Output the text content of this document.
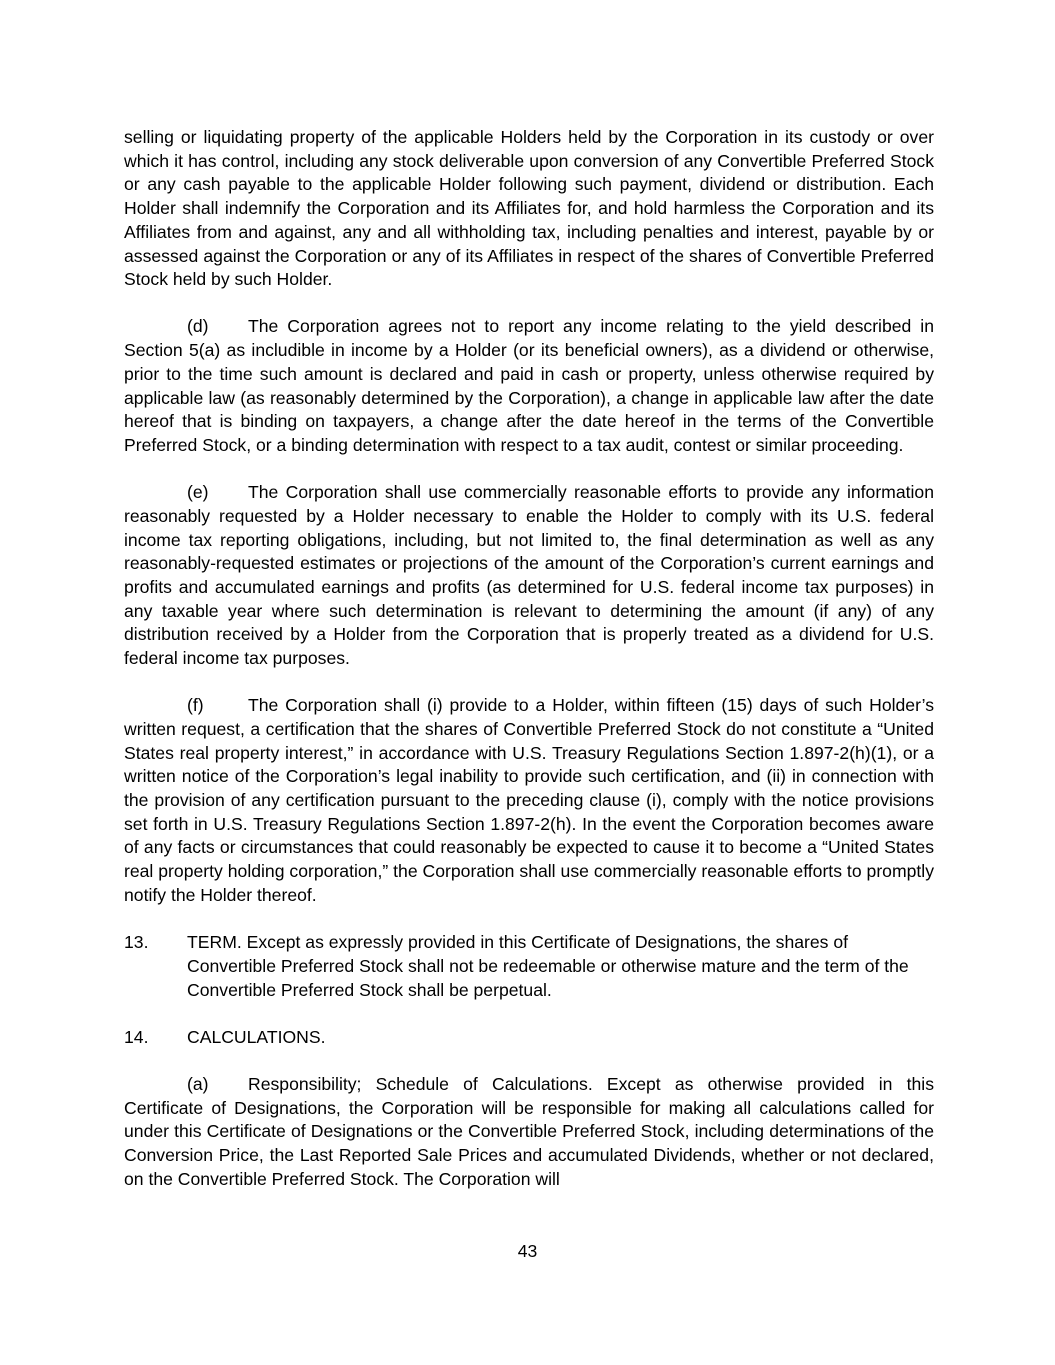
selling or liquidating property of the applicable Holders held by the Corporation in its custody or over which it has control, including any stock deliverable upon conversion of any Convertible Preferred Stock or any cash payable to the applicable Holder following such payment, dividend or distribution. Each Holder shall indemnify the Corporation and its Affiliates for, and hold harmless the Corporation and its Affiliates from and against, any and all withholding tax, including penalties and interest, payable by or assessed against the Corporation or any of its Affiliates in respect of the shares of Convertible Preferred Stock held by such Holder.

(d) The Corporation agrees not to report any income relating to the yield described in Section 5(a) as includible in income by a Holder (or its beneficial owners), as a dividend or otherwise, prior to the time such amount is declared and paid in cash or property, unless otherwise required by applicable law (as reasonably determined by the Corporation), a change in applicable law after the date hereof that is binding on taxpayers, a change after the date hereof in the terms of the Convertible Preferred Stock, or a binding determination with respect to a tax audit, contest or similar proceeding.

(e) The Corporation shall use commercially reasonable efforts to provide any information reasonably requested by a Holder necessary to enable the Holder to comply with its U.S. federal income tax reporting obligations, including, but not limited to, the final determination as well as any reasonably-requested estimates or projections of the amount of the Corporation’s current earnings and profits and accumulated earnings and profits (as determined for U.S. federal income tax purposes) in any taxable year where such determination is relevant to determining the amount (if any) of any distribution received by a Holder from the Corporation that is properly treated as a dividend for U.S. federal income tax purposes.

(f)	The Corporation shall (i) provide to a Holder, within fifteen (15) days of such Holder’s written request, a certification that the shares of Convertible Preferred Stock do not constitute a “United States real property interest,” in accordance with U.S. Treasury Regulations Section 1.897-2(h)(1), or a written notice of the Corporation’s legal inability to provide such certification, and (ii) in connection with the provision of any certification pursuant to the preceding clause (i), comply with the notice provisions set forth in U.S. Treasury Regulations Section 1.897-2(h). In the event the Corporation becomes aware of any facts or circumstances that could reasonably be expected to cause it to become a “United States real property holding corporation,” the Corporation shall use commercially reasonable efforts to promptly notify the Holder thereof.

13.	TERM. Except as expressly provided in this Certificate of Designations, the shares of Convertible Preferred Stock shall not be redeemable or otherwise mature and the term of the Convertible Preferred Stock shall be perpetual.
14.	CALCULATIONS.

(a) Responsibility; Schedule of Calculations. Except as otherwise provided in this Certificate of Designations, the Corporation will be responsible for making all calculations called for under this Certificate of Designations or the Convertible Preferred Stock, including determinations of the Conversion Price, the Last Reported Sale Prices and accumulated Dividends, whether or not declared, on the Convertible Preferred Stock. The Corporation will

43
